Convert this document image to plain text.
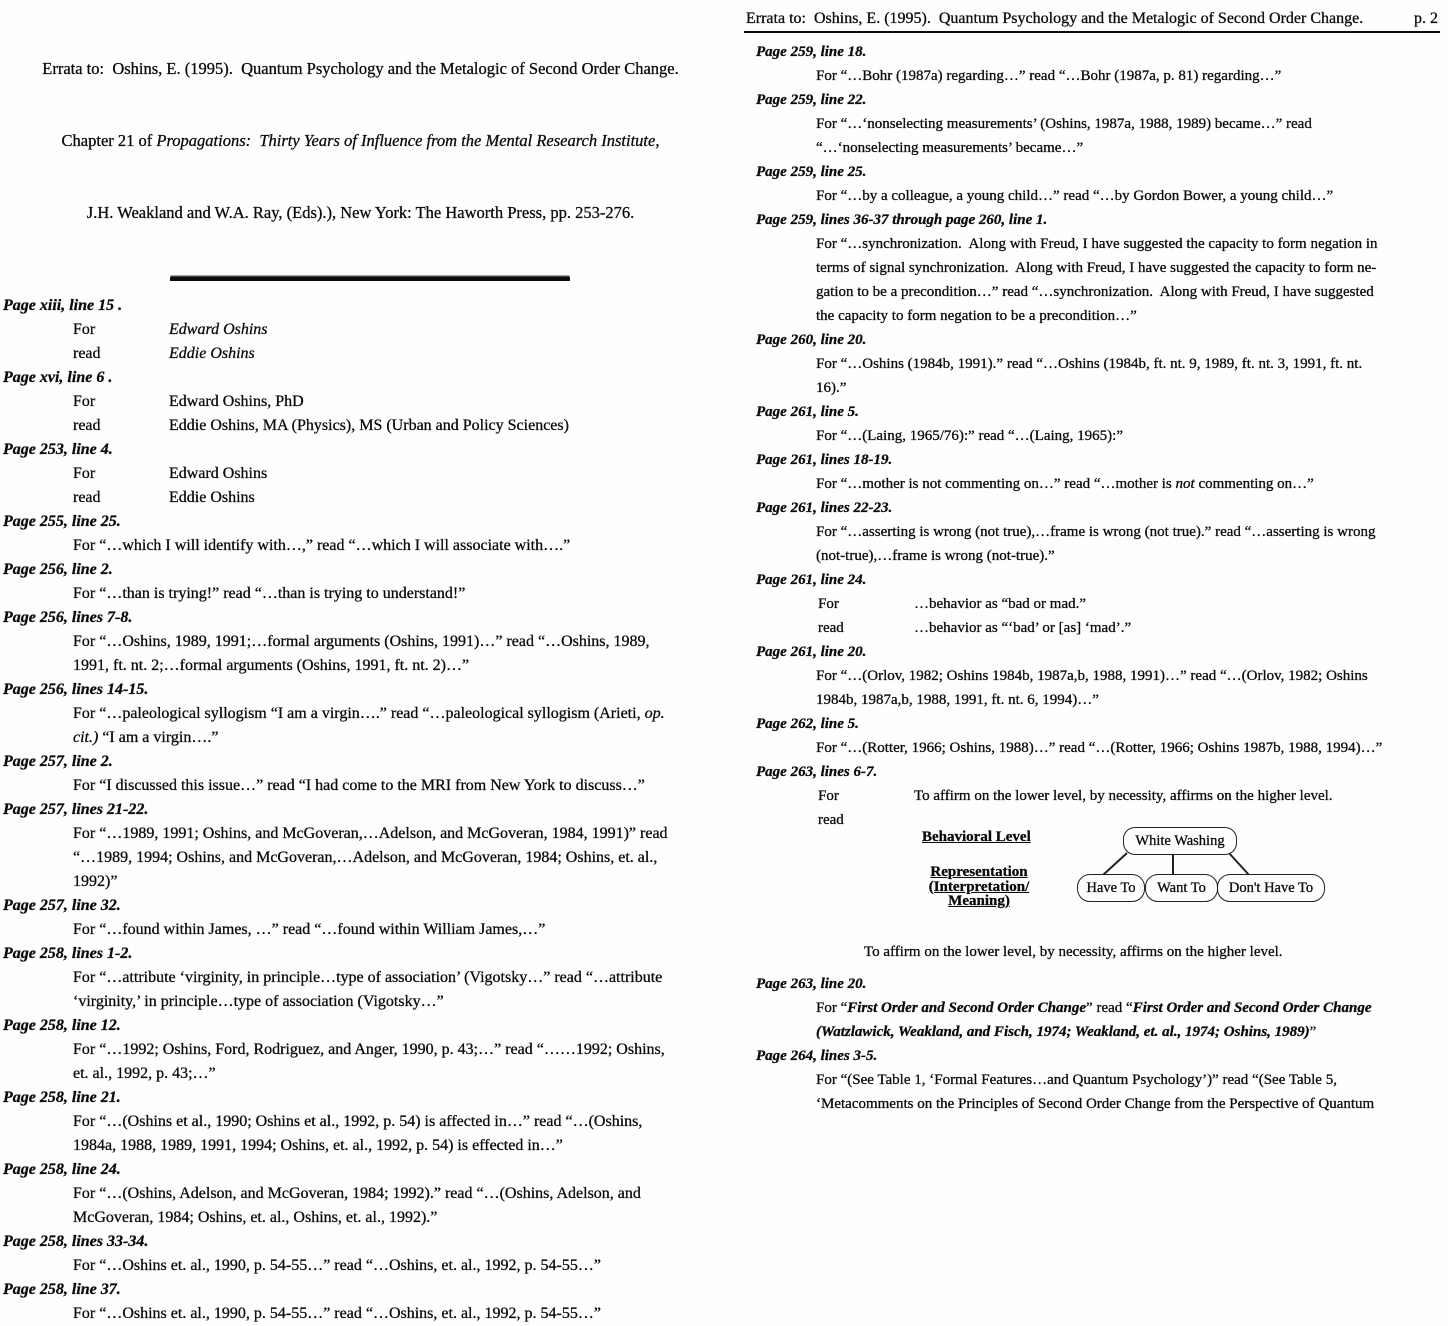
Errata to:  Oshins, E. (1995).  Quantum Psychology and the Metalogic of Second Order Change.

Chapter 21 of Propagations:  Thirty Years of Influence from the Mental Research Institute,

J.H. Weakland and W.A. Ray, (Eds).), New York: The Haworth Press, pp. 253-276.

Page xiii, line 15 .
For	Edward Oshins
read	Eddie Oshins
Page xvi, line 6 .
For	Edward Oshins, PhD
read	Eddie Oshins, MA (Physics), MS (Urban and Policy Sciences)
Page 253, line 4.
For	Edward Oshins
read	Eddie Oshins
Page 255, line 25.
For “…which I will identify with…,” read “…which I will associate with….”
Page 256, line 2.
For “…than is trying!” read “…than is trying to understand!”
Page 256, lines 7-8.
For “…Oshins, 1989, 1991;…formal arguments (Oshins, 1991)…” read “…Oshins, 1989,
1991, ft. nt. 2;…formal arguments (Oshins, 1991, ft. nt. 2)…”
Page 256, lines 14-15.
For “…paleological syllogism “I am a virgin….” read “…paleological syllogism (Arieti, op.
cit.) “I am a virgin….”
Page 257, line 2.
For “I discussed this issue…” read “I had come to the MRI from New York to discuss…”
Page 257, lines 21-22.
For “…1989, 1991; Oshins, and McGoveran,…Adelson, and McGoveran, 1984, 1991)” read
“…1989, 1994; Oshins, and McGoveran,…Adelson, and McGoveran, 1984; Oshins, et. al.,
1992)”
Page 257, line 32.
For “…found within James, …” read “…found within William James,…”
Page 258, lines 1-2.
For “…attribute ‘virginity, in principle…type of association’ (Vigotsky…” read “…attribute
‘virginity,’ in principle…type of association (Vigotsky…”
Page 258, line 12.
For “…1992; Oshins, Ford, Rodriguez, and Anger, 1990, p. 43;…” read “……1992; Oshins,
et. al., 1992, p. 43;…”
Page 258, line 21.
For “…(Oshins et al., 1990; Oshins et al., 1992, p. 54) is affected in…” read “…(Oshins,
1984a, 1988, 1989, 1991, 1994; Oshins, et. al., 1992, p. 54) is effected in…”
Page 258, line 24.
For “…(Oshins, Adelson, and McGoveran, 1984; 1992).” read “…(Oshins, Adelson, and
McGoveran, 1984; Oshins, et. al., Oshins, et. al., 1992).”
Page 258, lines 33-34.
For “…Oshins et. al., 1990, p. 54-55…” read “…Oshins, et. al., 1992, p. 54-55…”
Page 258, line 37.
For “…Oshins et. al., 1990, p. 54-55…” read “…Oshins, et. al., 1992, p. 54-55…”
Errata to:  Oshins, E. (1995).  Quantum Psychology and the Metalogic of Second Order Change.	p. 2
Page 259, line 18.
For “…Bohr (1987a) regarding…” read “…Bohr (1987a, p. 81) regarding…”
Page 259, line 22.
For “…‘nonselecting measurements’ (Oshins, 1987a, 1988, 1989) became…” read
“…‘nonselecting measurements’ became…”
Page 259, line 25.
For “…by a colleague, a young child…” read “…by Gordon Bower, a young child…”
Page 259, lines 36-37 through page 260, line 1.
For “…synchronization.  Along with Freud, I have suggested the capacity to form negation in
terms of signal synchronization.  Along with Freud, I have suggested the capacity to form ne-
gation to be a precondition…” read “…synchronization.  Along with Freud, I have suggested
the capacity to form negation to be a precondition…”
Page 260, line 20.
For “…Oshins (1984b, 1991).” read “…Oshins (1984b, ft. nt. 9, 1989, ft. nt. 3, 1991, ft. nt.
16).”
Page 261, line 5.
For “…(Laing, 1965/76):” read “…(Laing, 1965):”
Page 261, lines 18-19.
For “…mother is not commenting on…” read “…mother is not commenting on…”
Page 261, lines 22-23.
For “…asserting is wrong (not true),…frame is wrong (not true).” read “…asserting is wrong
(not-true),…frame is wrong (not-true).”
Page 261, line 24.
For	…behavior as “bad or mad.”
read	…behavior as “‘bad’ or [as] ‘mad’.”
Page 261, line 20.
For “…(Orlov, 1982; Oshins 1984b, 1987a,b, 1988, 1991)…” read “…(Orlov, 1982; Oshins
1984b, 1987a,b, 1988, 1991, ft. nt. 6, 1994)…”
Page 262, line 5.
For “…(Rotter, 1966; Oshins, 1988)…” read “…(Rotter, 1966; Oshins 1987b, 1988, 1994)…”
Page 263, lines 6-7.
For	To affirm on the lower level, by necessity, affirms on the higher level.
read
Behavioral Level
Representation
(Interpretation/
Meaning)
White Washing
Have To	Want To	Don't Have To
To affirm on the lower level, by necessity, affirms on the higher level.
Page 263, line 20.
For “First Order and Second Order Change” read “First Order and Second Order Change
(Watzlawick, Weakland, and Fisch, 1974; Weakland, et. al., 1974; Oshins, 1989)”
Page 264, lines 3-5.
For “(See Table 1, ‘Formal Features…and Quantum Psychology’)” read “(See Table 5,
‘Metacomments on the Principles of Second Order Change from the Perspective of Quantum
